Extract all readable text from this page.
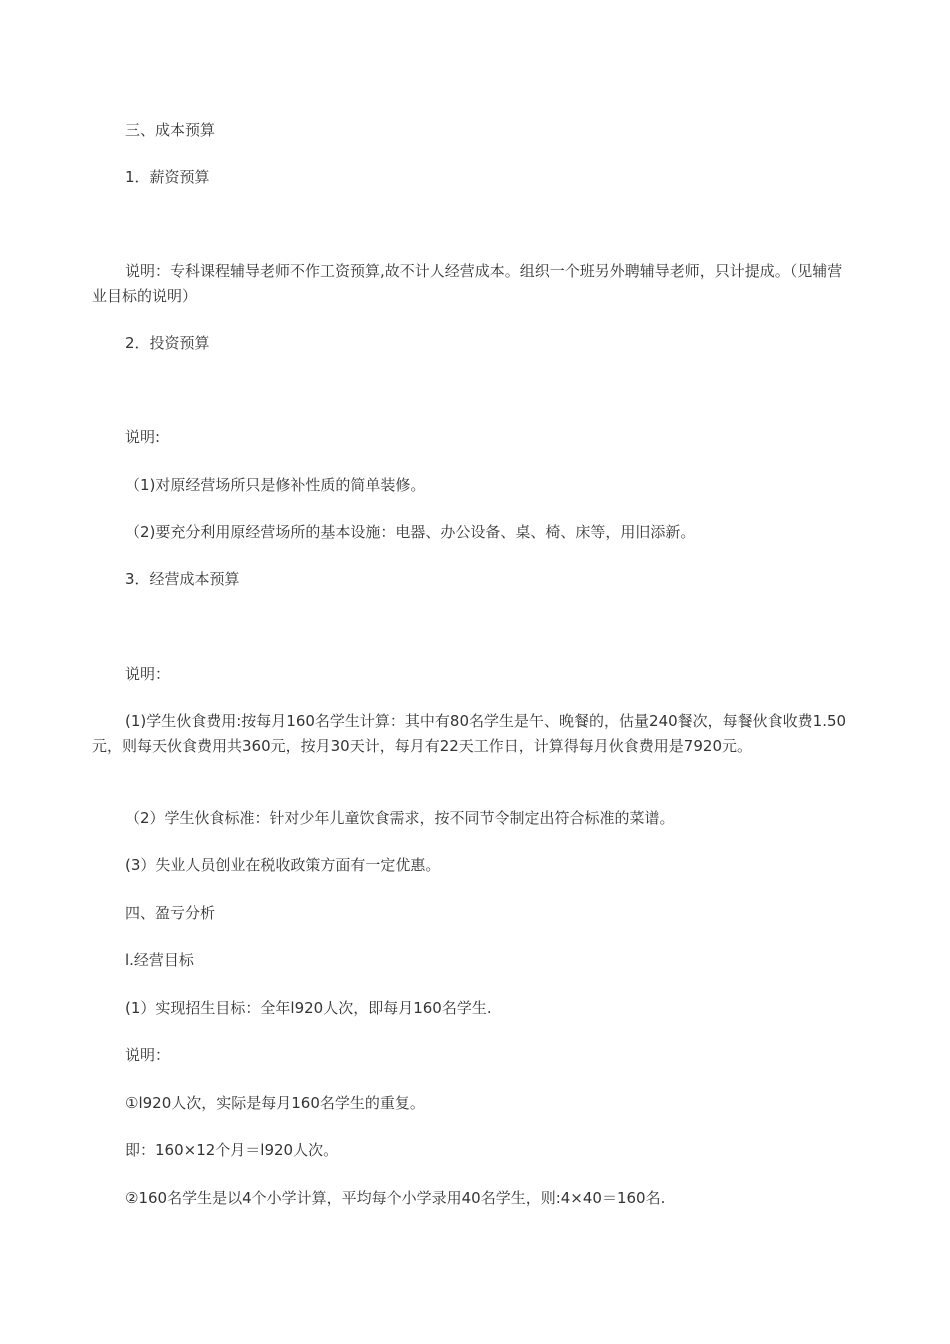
三、成本预算
1．薪资预算
说明：专科课程辅导老师不作工资预算,故不计人经营成本。组织一个班另外聘辅导老师，只计提成。（见辅营业目标的说明）
2．投资预算
说明:
（1)对原经营场所只是修补性质的简单装修。
（2)要充分利用原经营场所的基本设施：电器、办公设备、桌、椅、床等，用旧添新。
3．经营成本预算
说明：
(1)学生伙食费用:按每月160名学生计算：其中有80名学生是午、晚餐的，估量240餐次，每餐伙食收费1.50元，则每天伙食费用共360元，按月30天计，每月有22天工作日，计算得每月伙食费用是7920元。
（2）学生伙食标准：针对少年儿童饮食需求，按不同节令制定出符合标准的菜谱。
(3）失业人员创业在税收政策方面有一定优惠。
四、盈亏分析
l.经营目标
(1）实现招生目标：全年l920人次，即每月160名学生.
说明：
①l920人次，实际是每月160名学生的重复。
即：160×12个月＝l920人次。
②160名学生是以4个小学计算，平均每个小学录用40名学生，则:4×40＝160名.
